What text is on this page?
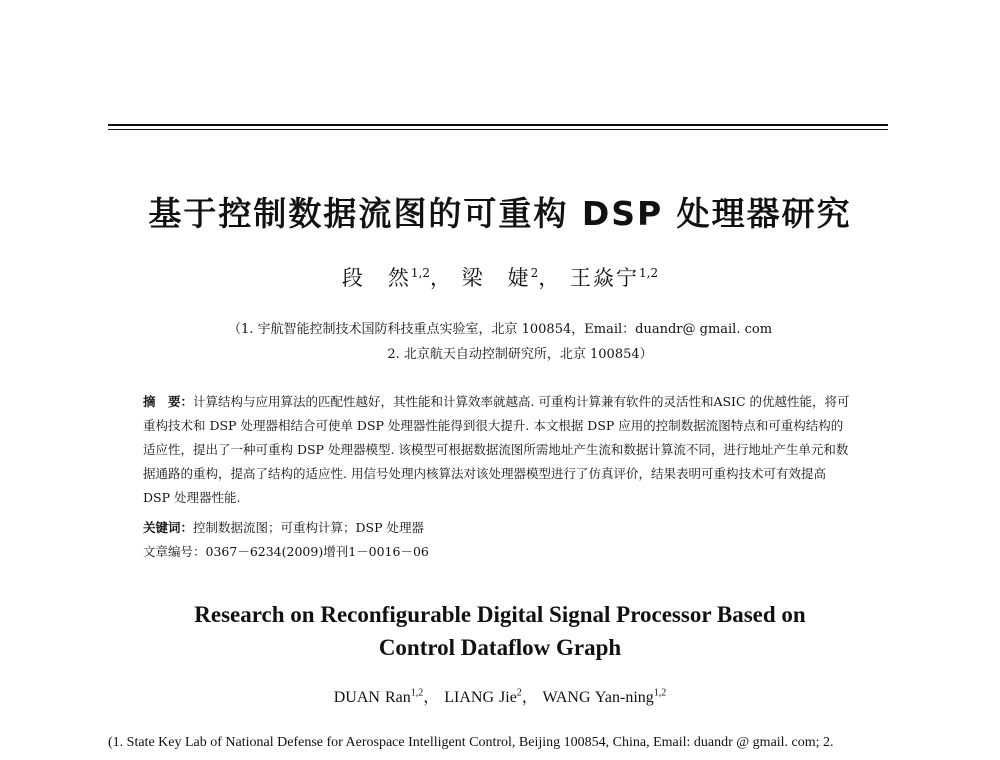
基于控制数据流图的可重构 DSP 处理器研究
段　然$^{1,2}$， 梁　婕$^2$， 王焱宁$^{1,2}$
（1. 宇航智能控制技术国防科技重点实验室，北京 100854，Email：duandr@ gmail. com
2. 北京航天自动控制研究所，北京 100854）
摘　要：计算结构与应用算法的匹配性越好，其性能和计算效率就越高. 可重构计算兼有软件的灵活性和ASIC 的优越性能，将可重构技术和 DSP 处理器相结合可使单 DSP 处理器性能得到很大提升. 本文根据 DSP 应用的控制数据流图特点和可重构结构的适应性，提出了一种可重构 DSP 处理器模型. 该模型可根据数据流图所需地址产生流和数据计算流不同，进行地址产生单元和数据通路的重构，提高了结构的适应性. 用信号处理内核算法对该处理器模型进行了仿真评价，结果表明可重构技术可有效提高 DSP 处理器性能.
关键词：控制数据流图；可重构计算；DSP 处理器
文章编号：0367－6234(2009)增刊1－0016－06
Research on Reconfigurable Digital Signal Processor Based on
Control Dataflow Graph
DUAN Ran$^{1,2}$， LIANG Jie$^2$， WANG Yan-ning$^{1,2}$
(1. State Key Lab of National Defense for Aerospace Intelligent Control, Beijing 100854, China, Email: duandr @ gmail. com; 2.
